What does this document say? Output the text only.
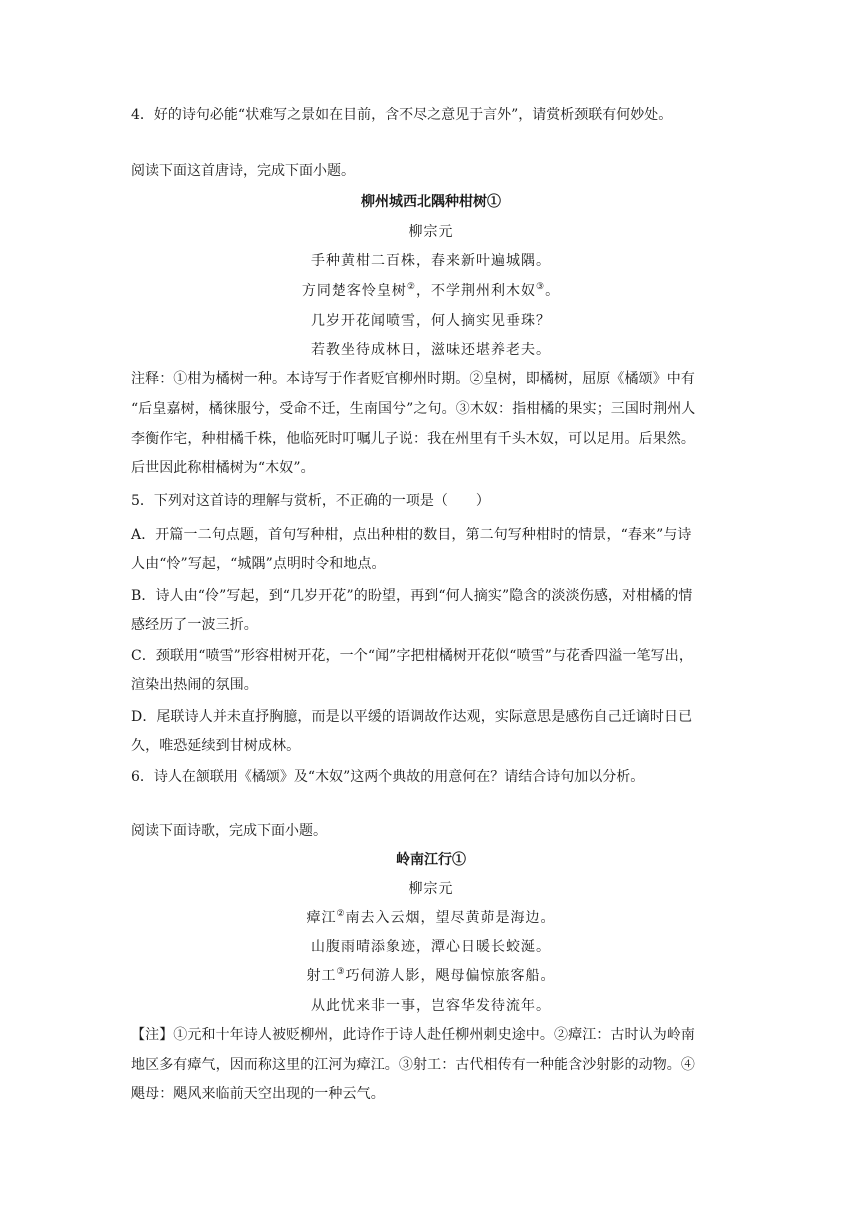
4．好的诗句必能“状难写之景如在目前，含不尽之意见于言外”，请赏析颈联有何妙处。
阅读下面这首唐诗，完成下面小题。
柳州城西北隅种柑树①
柳宗元
手种黄柑二百株，春来新叶遍城隅。
方同楚客怜皇树②，不学荆州利木奴③。
几岁开花闻喷雪，何人摘实见垂珠？
若教坐待成林日，滋味还堪养老夫。
注释：①柑为橘树一种。本诗写于作者贬官柳州时期。②皇树，即橘树，屈原《橘颂》中有
“后皇嘉树，橘徕服兮，受命不迁，生南国兮”之句。③木奴：指柑橘的果实；三国时荆州人
李衡作宅，种柑橘千株，他临死时叮嘱儿子说：我在州里有千头木奴，可以足用。后果然。
后世因此称柑橘树为“木奴”。
5．下列对这首诗的理解与赏析，不正确的一项是（　　）
A．开篇一二句点题，首句写种柑，点出种柑的数目，第二句写种柑时的情景，“春来”与诗
人由“怜”写起，“城隅”点明时令和地点。
B．诗人由“伶”写起，到“几岁开花”的盼望，再到“何人摘实”隐含的淡淡伤感，对柑橘的情
感经历了一波三折。
C．颈联用“喷雪”形容柑树开花，一个“闻”字把柑橘树开花似“喷雪”与花香四溢一笔写出，
渲染出热闹的氛围。
D．尾联诗人并未直抒胸臆，而是以平缓的语调故作达观，实际意思是感伤自己迁谪时日已
久，唯恐延续到甘树成林。
6．诗人在颔联用《橘颂》及“木奴”这两个典故的用意何在？请结合诗句加以分析。
阅读下面诗歌，完成下面小题。
岭南江行①
柳宗元
瘴江②南去入云烟，望尽黄茆是海边。
山腹雨晴添象迹，潭心日暖长蛟涎。
射工③巧伺游人影，飓母偏惊旅客船。
从此忧来非一事，岂容华发待流年。
【注】①元和十年诗人被贬柳州，此诗作于诗人赴任柳州刺史途中。②瘴江：古时认为岭南
地区多有瘴气，因而称这里的江河为瘴江。③射工：古代相传有一种能含沙射影的动物。④
飓母：飓风来临前天空出现的一种云气。
